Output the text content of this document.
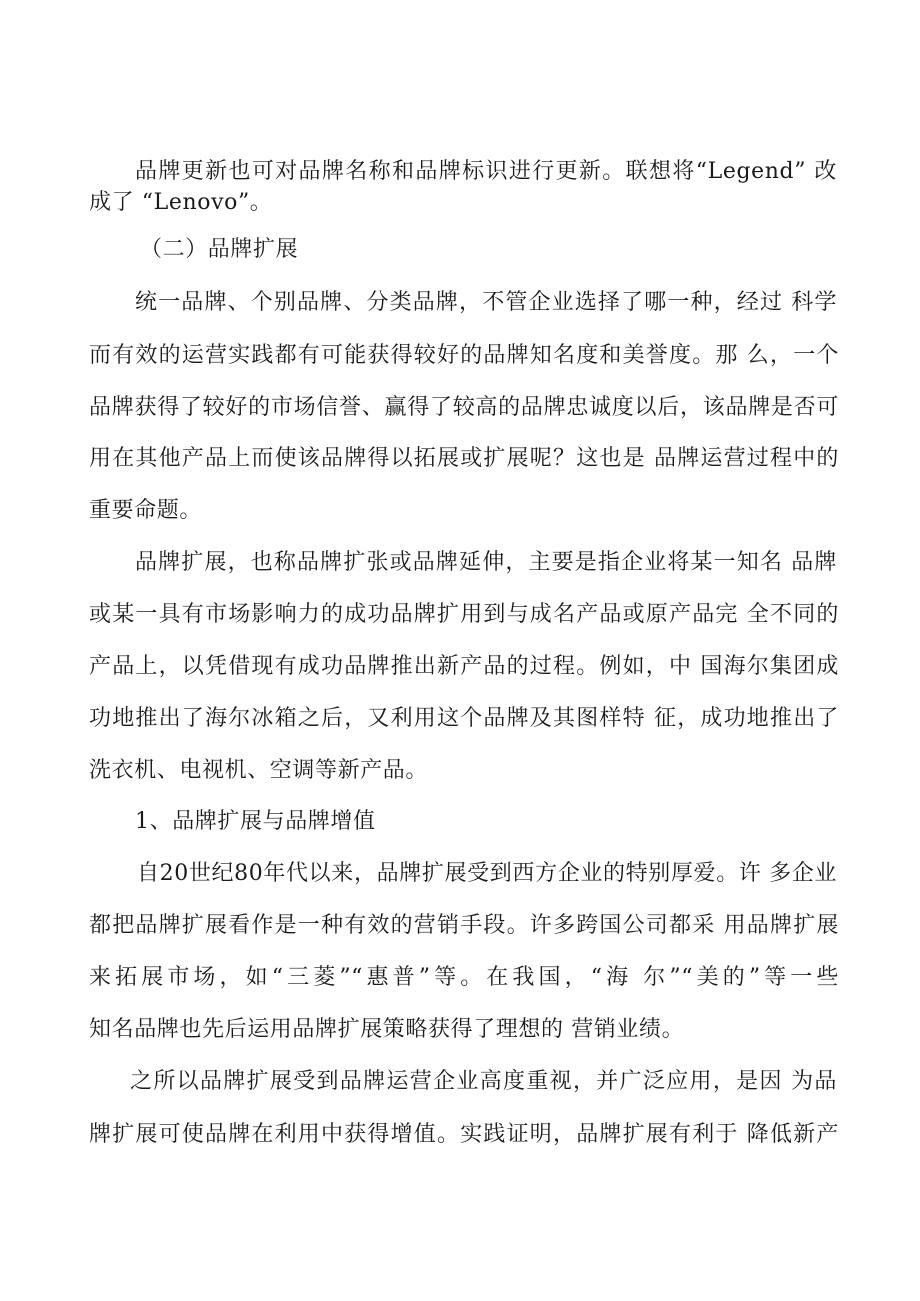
品牌更新也可对品牌名称和品牌标识进行更新。联想将“Legend” 改
成了 “Lenovo”。
（二）品牌扩展
统一品牌、个别品牌、分类品牌，不管企业选择了哪一种，经过 科学
而有效的运营实践都有可能获得较好的品牌知名度和美誉度。那 么，一个
品牌获得了较好的市场信誉、赢得了较高的品牌忠诚度以后，该品牌是否可
用在其他产品上而使该品牌得以拓展或扩展呢？这也是 品牌运营过程中的
重要命题。
品牌扩展，也称品牌扩张或品牌延伸，主要是指企业将某一知名 品牌
或某一具有市场影响力的成功品牌扩用到与成名产品或原产品完 全不同的
产品上，以凭借现有成功品牌推出新产品的过程。例如，中 国海尔集团成
功地推出了海尔冰箱之后，又利用这个品牌及其图样特 征，成功地推出了
洗衣机、电视机、空调等新产品。
1、品牌扩展与品牌增值
自20世纪80年代以来，品牌扩展受到西方企业的特别厚爱。许 多企业
都把品牌扩展看作是一种有效的营销手段。许多跨国公司都采 用品牌扩展
来拓展市场，如“三菱”“惠普”等。在我国，“海 尔”“美的”等一些
知名品牌也先后运用品牌扩展策略获得了理想的 营销业绩。
之所以品牌扩展受到品牌运营企业高度重视，并广泛应用，是因 为品
牌扩展可使品牌在利用中获得增值。实践证明，品牌扩展有利于 降低新产
